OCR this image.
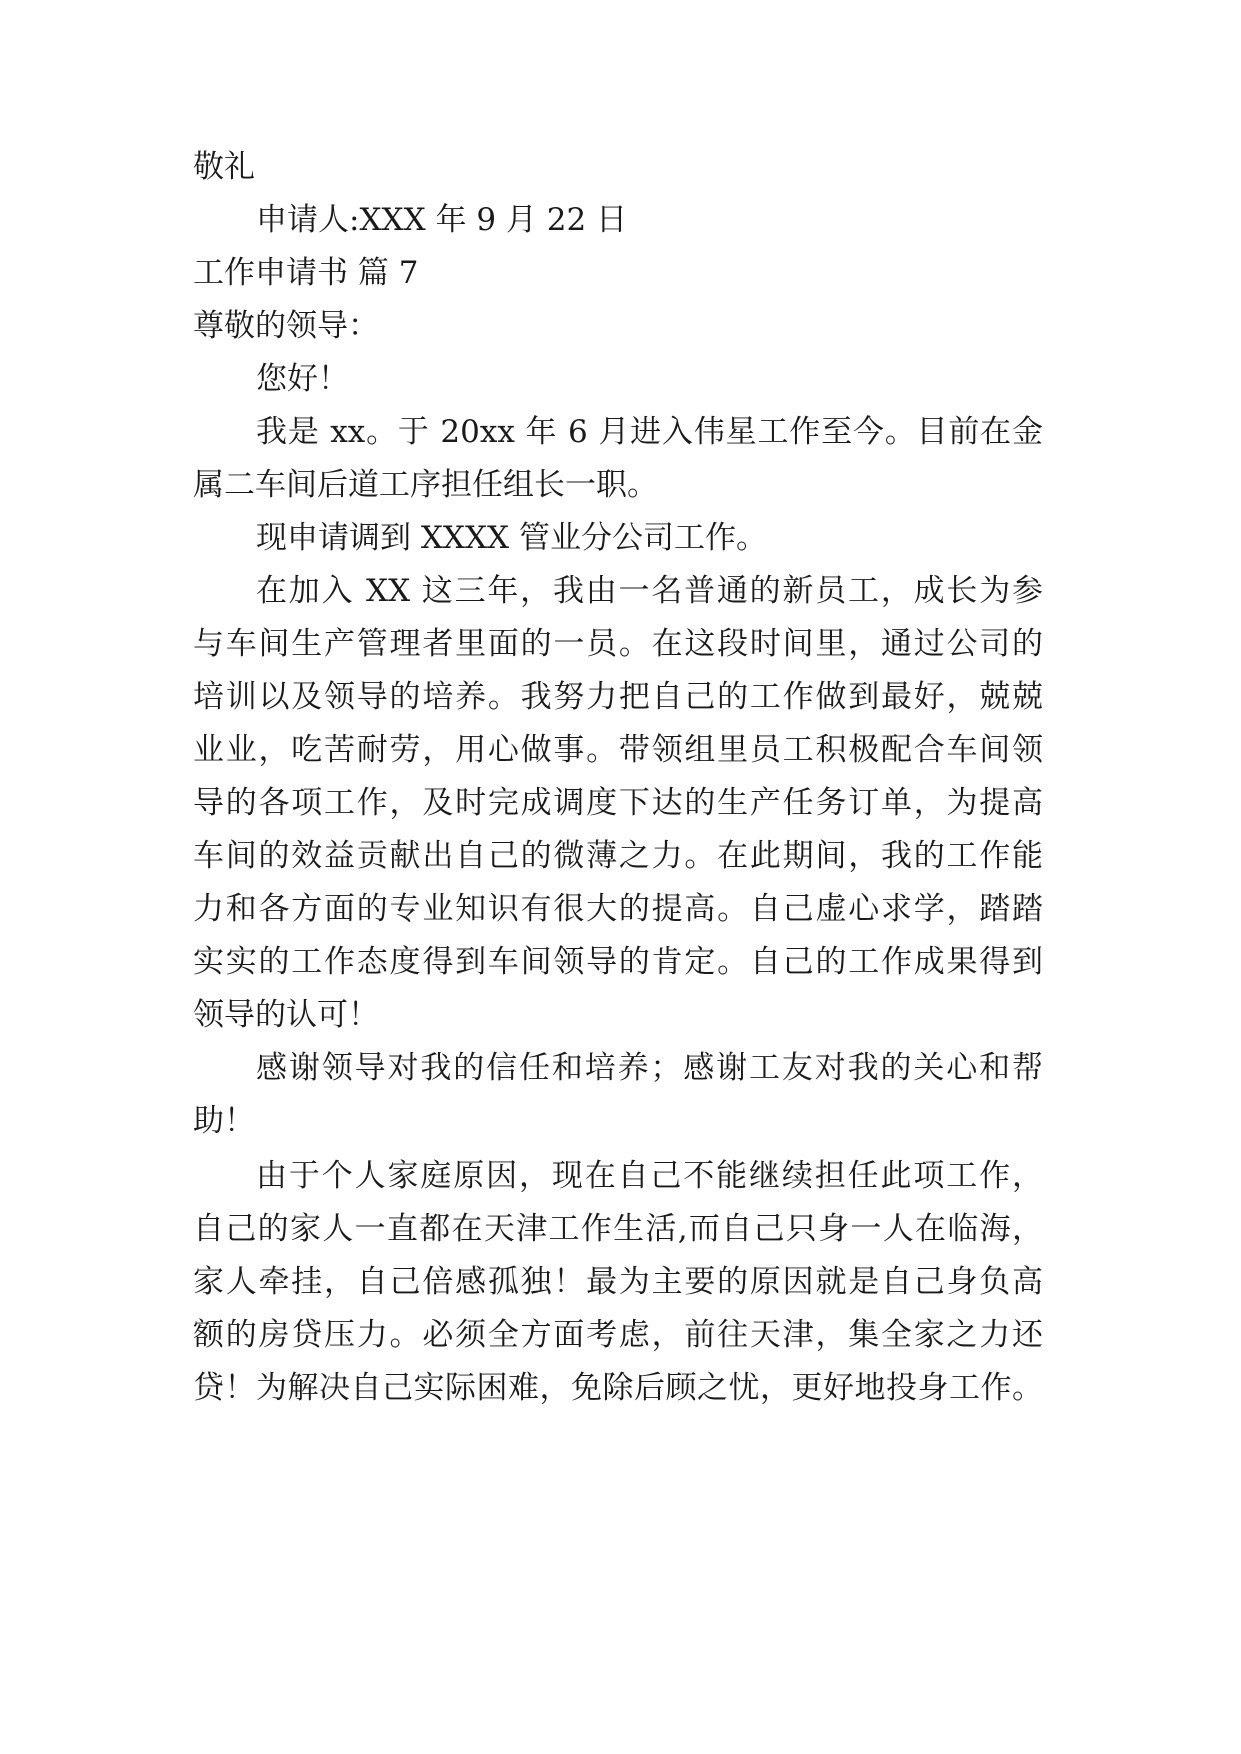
敬礼
申请人:XXX 年 9 月 22 日
工作申请书 篇 7
尊敬的领导：
您好！
我是 xx。于 20xx 年 6 月进入伟星工作至今。目前在金
属二车间后道工序担任组长一职。
现申请调到 XXXX 管业分公司工作。
在加入 XX 这三年，我由一名普通的新员工，成长为参
与车间生产管理者里面的一员。在这段时间里，通过公司的
培训以及领导的培养。我努力把自己的工作做到最好，兢兢
业业，吃苦耐劳，用心做事。带领组里员工积极配合车间领
导的各项工作，及时完成调度下达的生产任务订单，为提高
车间的效益贡献出自己的微薄之力。在此期间，我的工作能
力和各方面的专业知识有很大的提高。自己虚心求学，踏踏
实实的工作态度得到车间领导的肯定。自己的工作成果得到
领导的认可！
感谢领导对我的信任和培养；感谢工友对我的关心和帮
助！
由于个人家庭原因，现在自己不能继续担任此项工作，
自己的家人一直都在天津工作生活,而自己只身一人在临海，
家人牵挂，自己倍感孤独！最为主要的原因就是自己身负高
额的房贷压力。必须全方面考虑，前往天津，集全家之力还
贷！为解决自己实际困难，免除后顾之忧，更好地投身工作。
